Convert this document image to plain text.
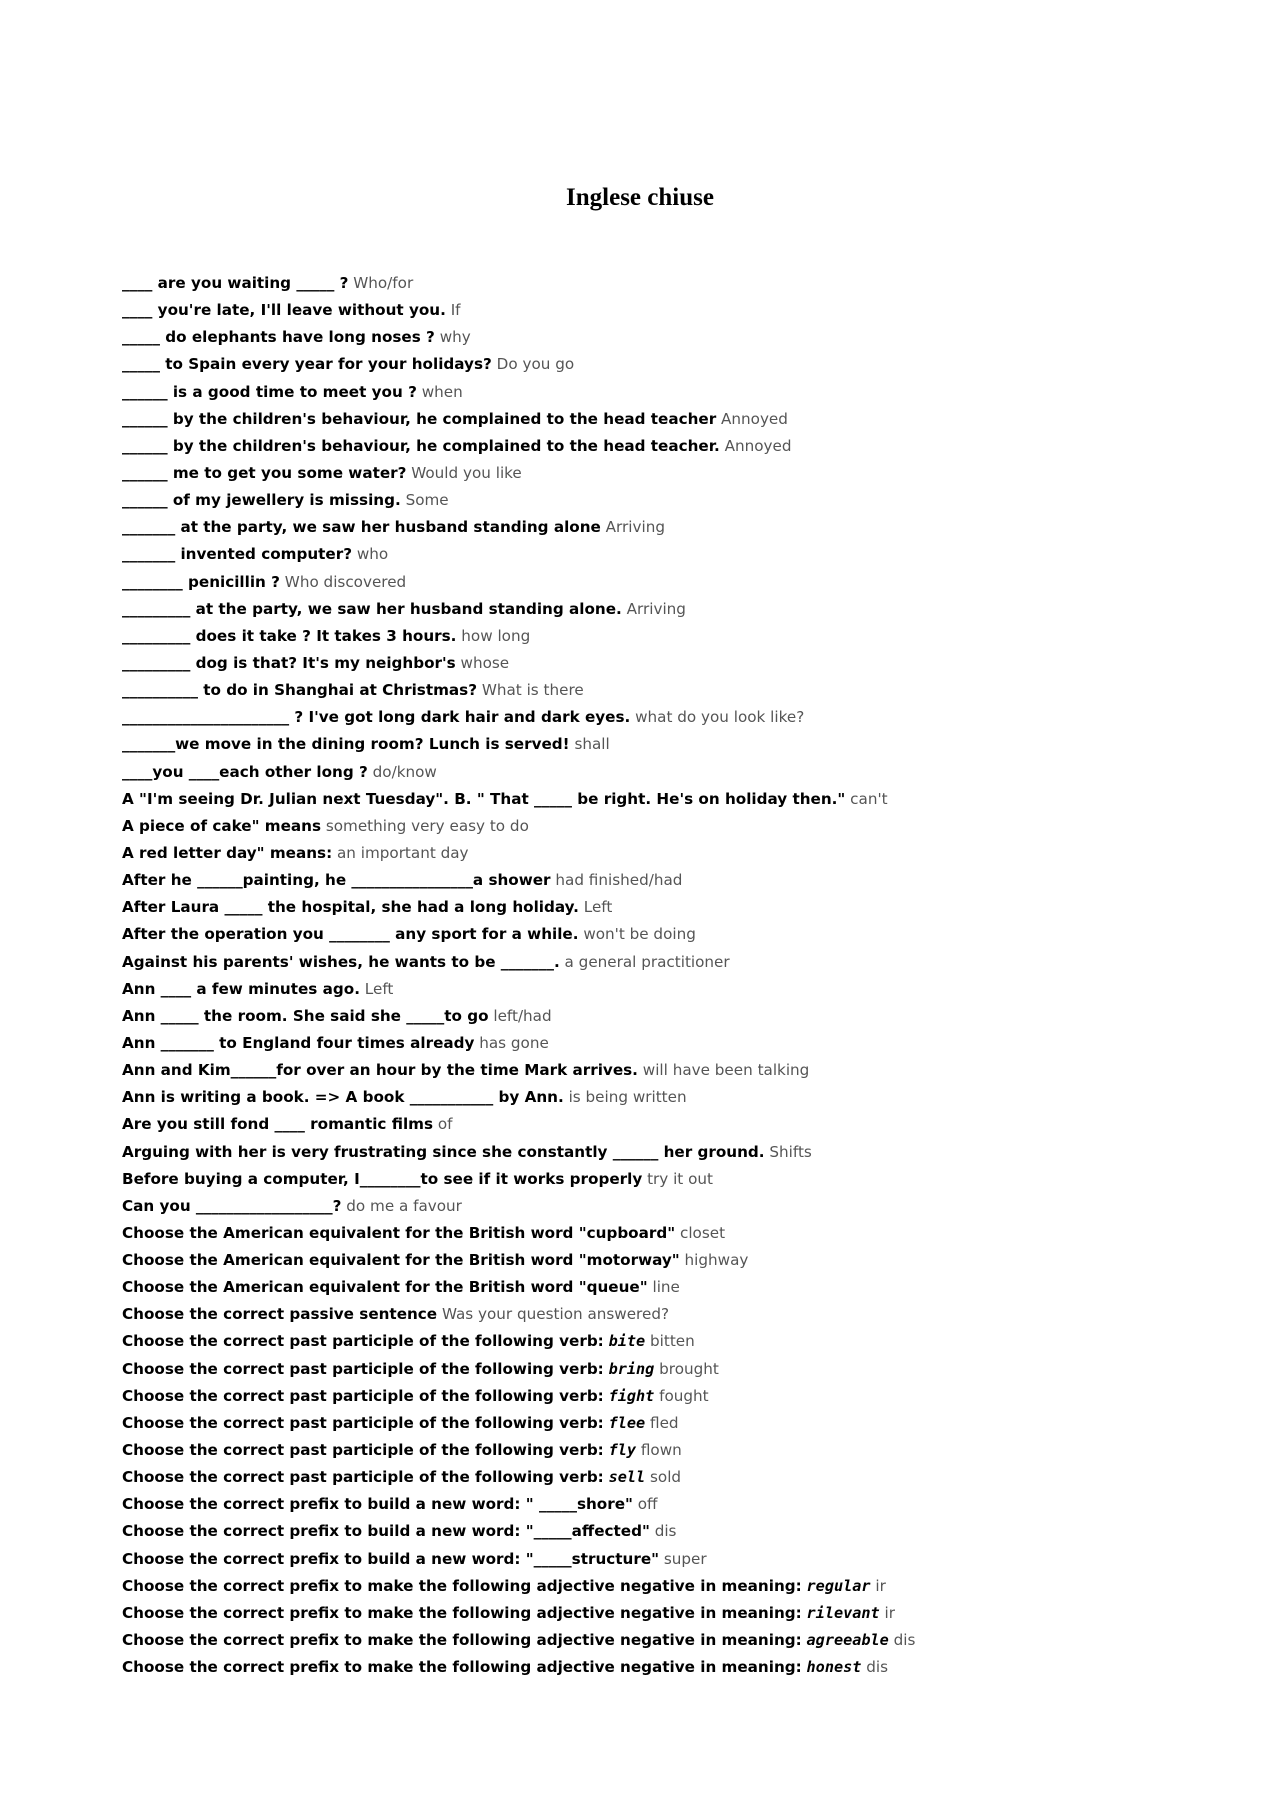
Inglese chiuse
____ are you waiting _____ ? Who/for
____ you're late, I'll leave without you. If
_____ do elephants have long noses ? why
_____ to Spain every year for your holidays? Do you go
______ is a good time to meet you ? when
______ by the children's behaviour, he complained to the head teacher Annoyed
______ by the children's behaviour, he complained to the head teacher. Annoyed
______ me to get you some water? Would you like
______ of my jewellery is missing. Some
_______ at the party, we saw her husband standing alone Arriving
_______ invented computer? who
________ penicillin ? Who discovered
_________ at the party, we saw her husband standing alone. Arriving
_________ does it take ? It takes 3 hours. how long
_________ dog is that? It's my neighbor's whose
__________ to do in Shanghai at Christmas? What is there
______________________ ? I've got long dark hair and dark eyes. what do you look like?
_______we move in the dining room? Lunch is served! shall
____you ____each other long ? do/know
A "I'm seeing Dr. Julian next Tuesday". B. " That _____ be right. He's on holiday then." can't
A piece of cake" means something very easy to do
A red letter day" means: an important day
After he ______painting, he ________________a shower had finished/had
After Laura _____ the hospital, she had a long holiday. Left
After the operation you ________ any sport for a while. won't be doing
Against his parents' wishes, he wants to be _______. a general practitioner
Ann ____ a few minutes ago. Left
Ann _____ the room. She said she _____to go left/had
Ann _______ to England four times already has gone
Ann and Kim______for over an hour by the time Mark arrives. will have been talking
Ann is writing a book. => A book ___________ by Ann. is being written
Are you still fond ____ romantic films of
Arguing with her is very frustrating since she constantly ______ her ground. Shifts
Before buying a computer, I________to see if it works properly try it out
Can you __________________? do me a favour
Choose the American equivalent for the British word "cupboard" closet
Choose the American equivalent for the British word "motorway" highway
Choose the American equivalent for the British word "queue" line
Choose the correct passive sentence Was your question answered?
Choose the correct past participle of the following verb: bite bitten
Choose the correct past participle of the following verb: bring brought
Choose the correct past participle of the following verb: fight fought
Choose the correct past participle of the following verb: flee fled
Choose the correct past participle of the following verb: fly flown
Choose the correct past participle of the following verb: sell sold
Choose the correct prefix to build a new word: " _____shore" off
Choose the correct prefix to build a new word: "_____affected" dis
Choose the correct prefix to build a new word: "_____structure" super
Choose the correct prefix to make the following adjective negative in meaning: regular ir
Choose the correct prefix to make the following adjective negative in meaning: rilevant ir
Choose the correct prefix to make the following adjective negative in meaning: agreeable dis
Choose the correct prefix to make the following adjective negative in meaning: honest dis
